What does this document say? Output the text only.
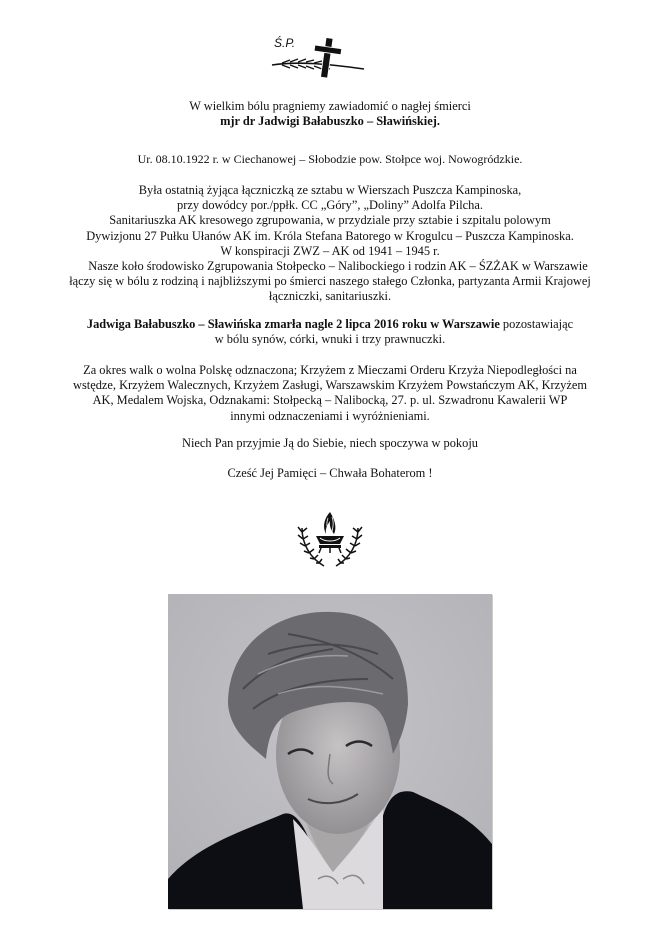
Ś.P.

W wielkim bólu pragniemy zawiadomić o nagłej śmierci

mjr dr Jadwigi Bałabuszko – Sławińskiej.

Ur. 08.10.1922 r. w Ciechanowej – Słobodzie pow. Stołpce woj. Nowogródzkie.

Była ostatnią żyjąca łączniczką ze sztabu w Wierszach Puszcza Kampinoska,

przy dowódcy por./ppłk. CC „Góry”, „Doliny” Adolfa Pilcha.

Sanitariuszka AK kresowego zgrupowania, w przydziale przy sztabie i szpitalu polowym

Dywizjonu 27 Pułku Ułanów AK im. Króla Stefana Batorego w Krogulcu – Puszcza Kampinoska.

W konspiracji ZWZ – AK od 1941 – 1945 r.

Nasze koło środowisko Zgrupowania Stołpecko – Nalibockiego i rodzin AK – ŚZŻAK w Warszawie

łączy się w bólu z rodziną i najbliższymi po śmierci naszego stałego Członka, partyzanta Armii Krajowej

łączniczki, sanitariuszki.

Jadwiga Bałabuszko – Sławińska zmarła nagle 2 lipca 2016 roku w Warszawie pozostawiając

w bólu synów, córki, wnuki i trzy prawnuczki.

Za okres walk o wolna Polskę odznaczona; Krzyżem z Mieczami Orderu Krzyża Niepodległości na

wstędze, Krzyżem Walecznych, Krzyżem Zasługi, Warszawskim Krzyżem Powstańczym AK, Krzyżem

AK, Medalem Wojska, Odznakami: Stołpecką – Nalibocką, 27. p. ul. Szwadronu Kawalerii WP

innymi odznaczeniami i wyróżnieniami.

Niech Pan przyjmie Ją do Siebie, niech spoczywa w pokoju

Cześć Jej Pamięci – Chwała Bohaterom !
